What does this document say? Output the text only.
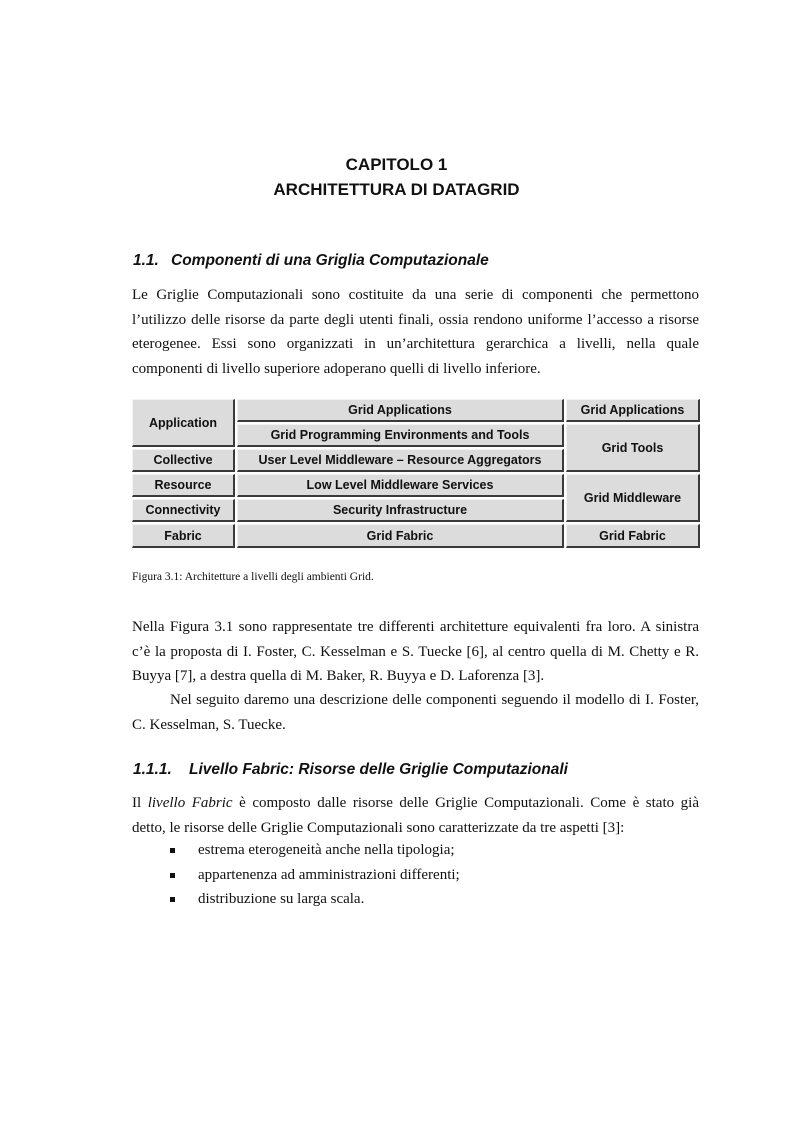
CAPITOLO 1
ARCHITETTURA DI DATAGRID
1.1. Componenti di una Griglia Computazionale

Le Griglie Computazionali sono costituite da una serie di componenti che permettono l’utilizzo delle risorse da parte degli utenti finali, ossia rendono uniforme l’accesso a risorse eterogenee. Essi sono organizzati in un’architettura gerarchica a livelli, nella quale componenti di livello superiore adoperano quelli di livello inferiore.

Application
Collective
Resource
Connectivity
Fabric
Grid Applications
Grid Programming Environments and Tools
User Level Middleware – Resource Aggregators
Low Level Middleware Services
Security Infrastructure
Grid Fabric
Grid Applications
Grid Tools
Grid Middleware
Grid Fabric

Figura 3.1: Architetture a livelli degli ambienti Grid.

Nella Figura 3.1 sono rappresentate tre differenti architetture equivalenti fra loro. A sinistra c’è la proposta di I. Foster, C. Kesselman e S. Tuecke [6], al centro quella di M. Chetty e R. Buyya [7], a destra quella di M. Baker, R. Buyya e D. Laforenza [3].

Nel seguito daremo una descrizione delle componenti seguendo il modello di I. Foster, C. Kesselman, S. Tuecke.

1.1.1. Livello Fabric: Risorse delle Griglie Computazionali

Il livello Fabric è composto dalle risorse delle Griglie Computazionali. Come è stato già detto, le risorse delle Griglie Computazionali sono caratterizzate da tre aspetti [3]:

estrema eterogeneità anche nella tipologia;
appartenenza ad amministrazioni differenti;
distribuzione su larga scala.
